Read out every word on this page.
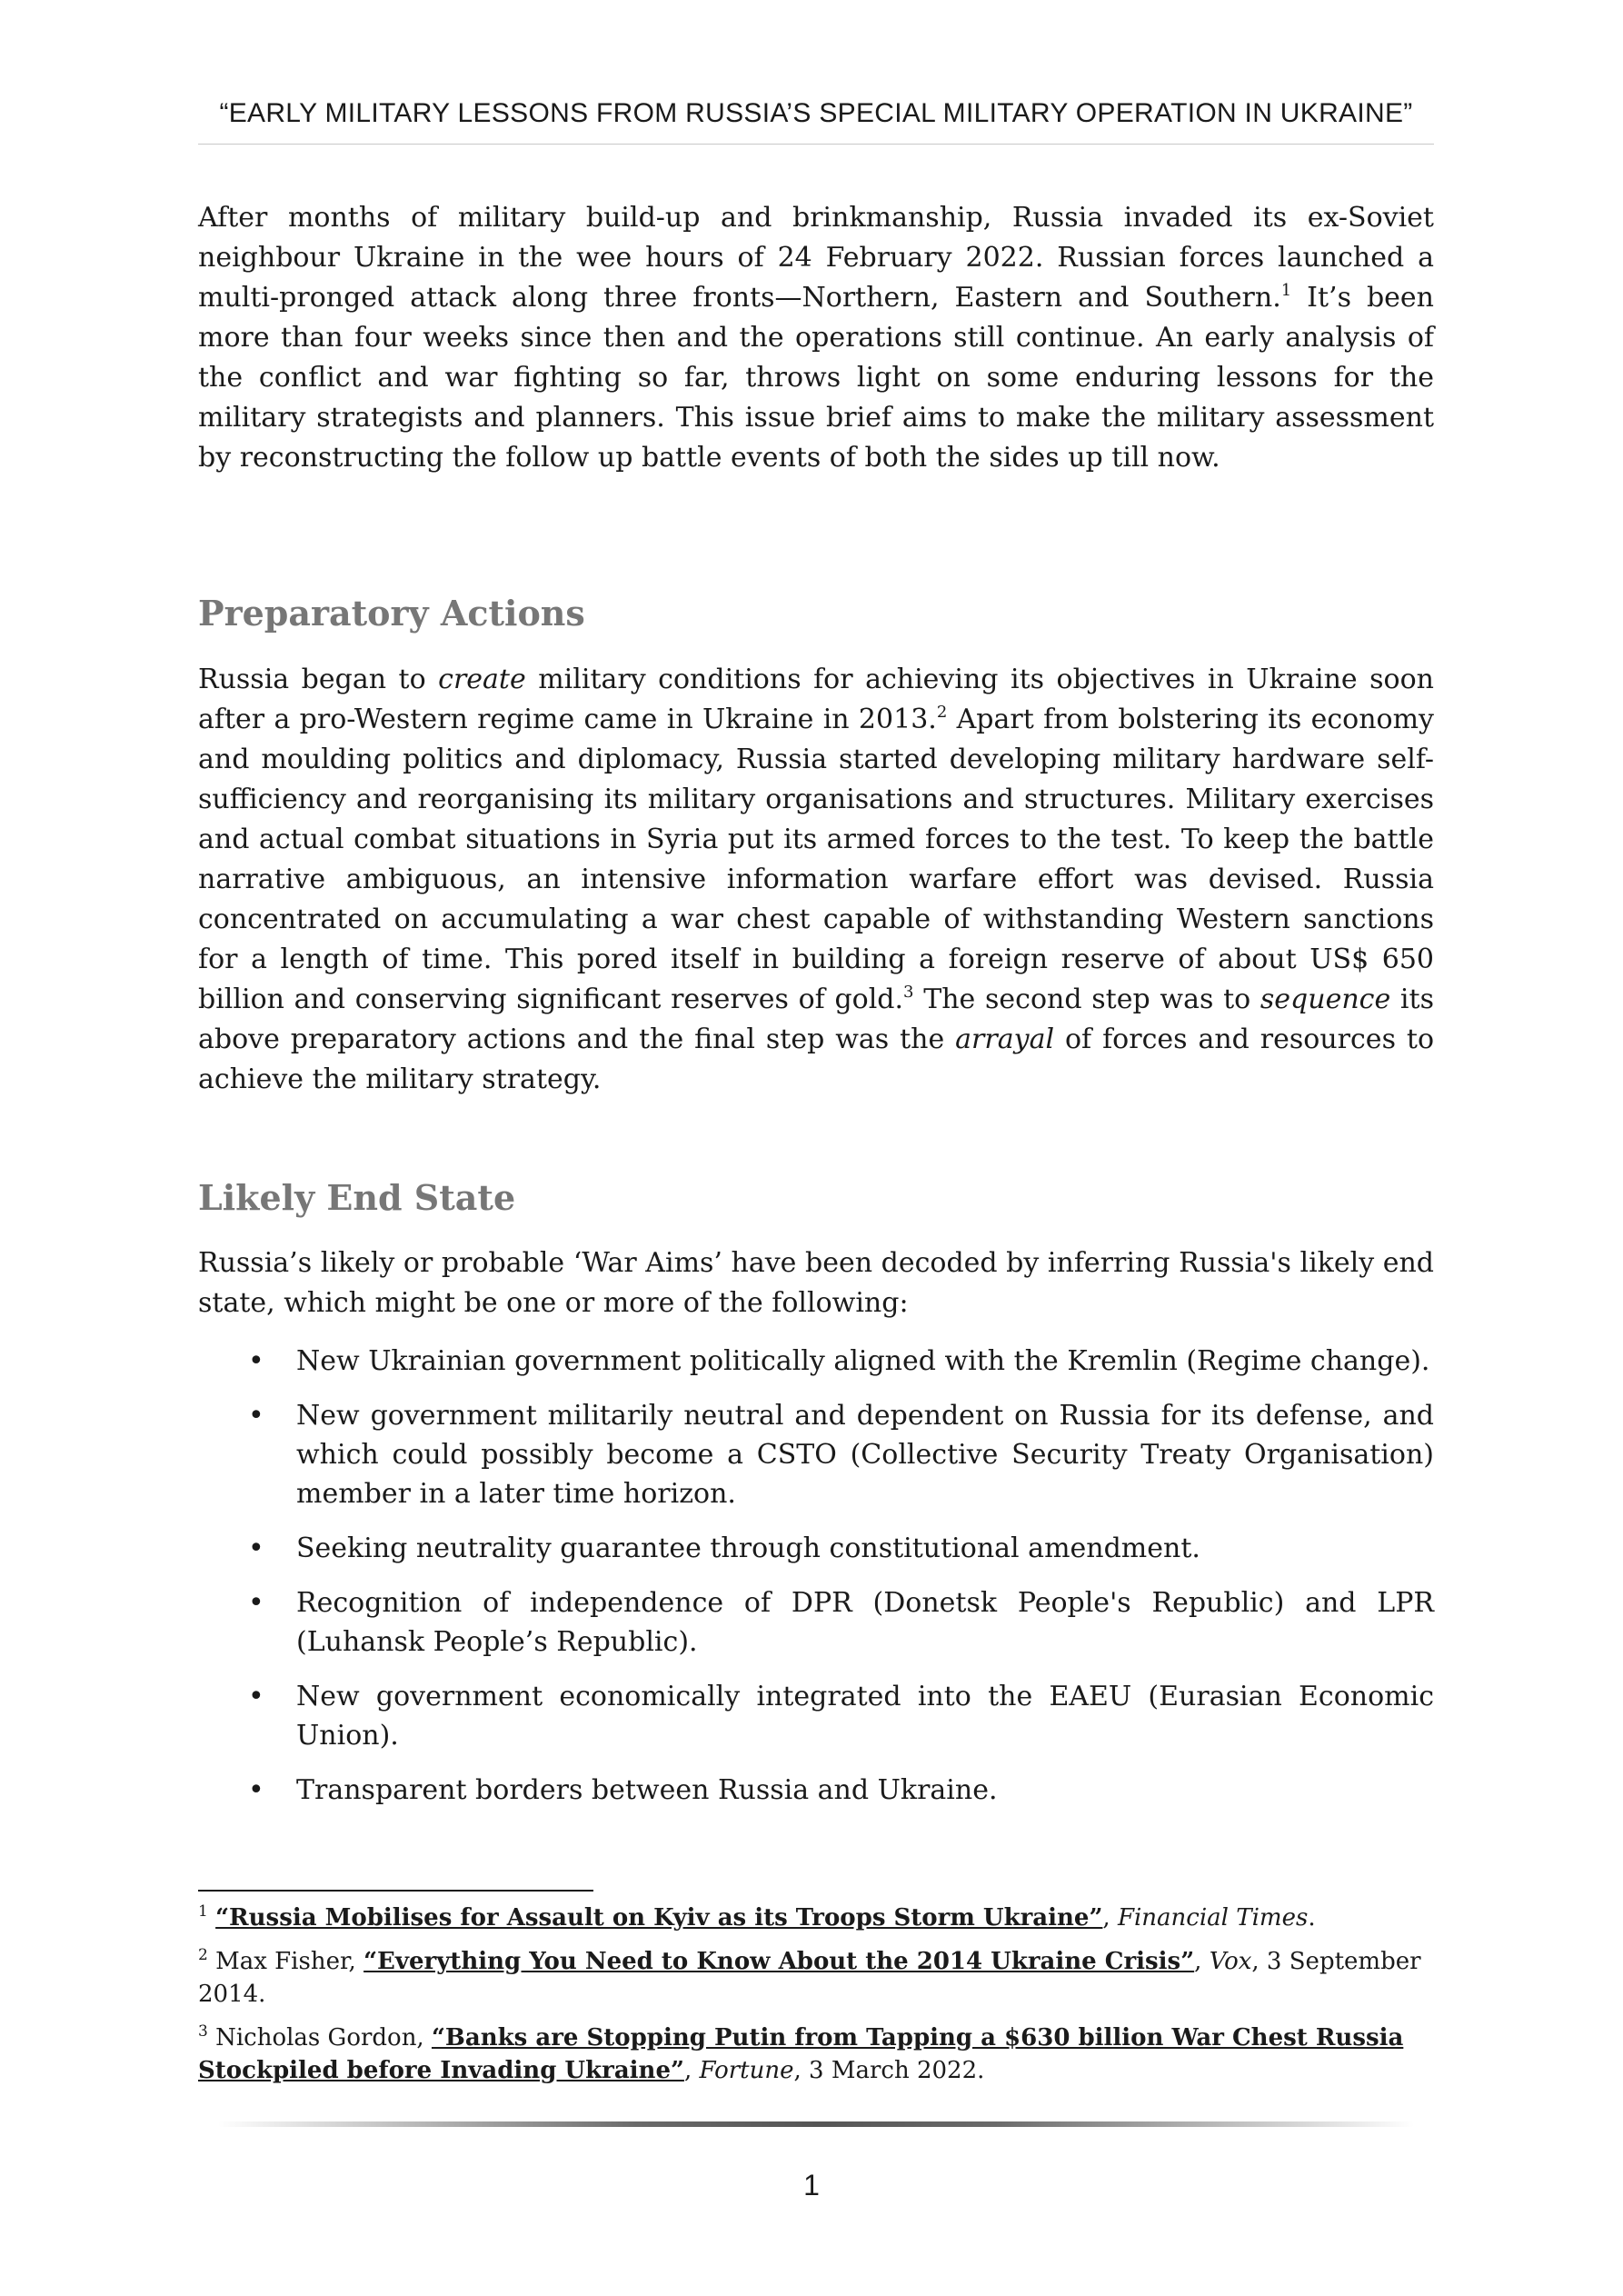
“EARLY MILITARY LESSONS FROM RUSSIA’S SPECIAL MILITARY OPERATION IN UKRAINE”

After months of military build-up and brinkmanship, Russia invaded its ex-Soviet neighbour Ukraine in the wee hours of 24 February 2022. Russian forces launched a multi-pronged attack along three fronts—Northern, Eastern and Southern.$^1$ It’s been more than four weeks since then and the operations still continue. An early analysis of the conflict and war fighting so far, throws light on some enduring lessons for the military strategists and planners. This issue brief aims to make the military assessment by reconstructing the follow up battle events of both the sides up till now.

Preparatory Actions

Russia began to create military conditions for achieving its objectives in Ukraine soon after a pro-Western regime came in Ukraine in 2013.$^2$ Apart from bolstering its economy and moulding politics and diplomacy, Russia started developing military hardware self-sufficiency and reorganising its military organisations and structures. Military exercises and actual combat situations in Syria put its armed forces to the test. To keep the battle narrative ambiguous, an intensive information warfare effort was devised. Russia concentrated on accumulating a war chest capable of withstanding Western sanctions for a length of time. This pored itself in building a foreign reserve of about US$ 650 billion and conserving significant reserves of gold.$^3$ The second step was to sequence its above preparatory actions and the final step was the arrayal of forces and resources to achieve the military strategy.

Likely End State

Russia’s likely or probable ‘War Aims’ have been decoded by inferring Russia's likely end state, which might be one or more of the following:

• New Ukrainian government politically aligned with the Kremlin (Regime change).
• New government militarily neutral and dependent on Russia for its defense, and which could possibly become a CSTO (Collective Security Treaty Organisation) member in a later time horizon.
• Seeking neutrality guarantee through constitutional amendment.
• Recognition of independence of DPR (Donetsk People's Republic) and LPR (Luhansk People’s Republic).
• New government economically integrated into the EAEU (Eurasian Economic Union).
• Transparent borders between Russia and Ukraine.

$^1$ “Russia Mobilises for Assault on Kyiv as its Troops Storm Ukraine”, Financial Times.

$^2$ Max Fisher, “Everything You Need to Know About the 2014 Ukraine Crisis”, Vox, 3 September 2014.

$^3$ Nicholas Gordon, “Banks are Stopping Putin from Tapping a $630 billion War Chest Russia Stockpiled before Invading Ukraine”, Fortune, 3 March 2022.

1
